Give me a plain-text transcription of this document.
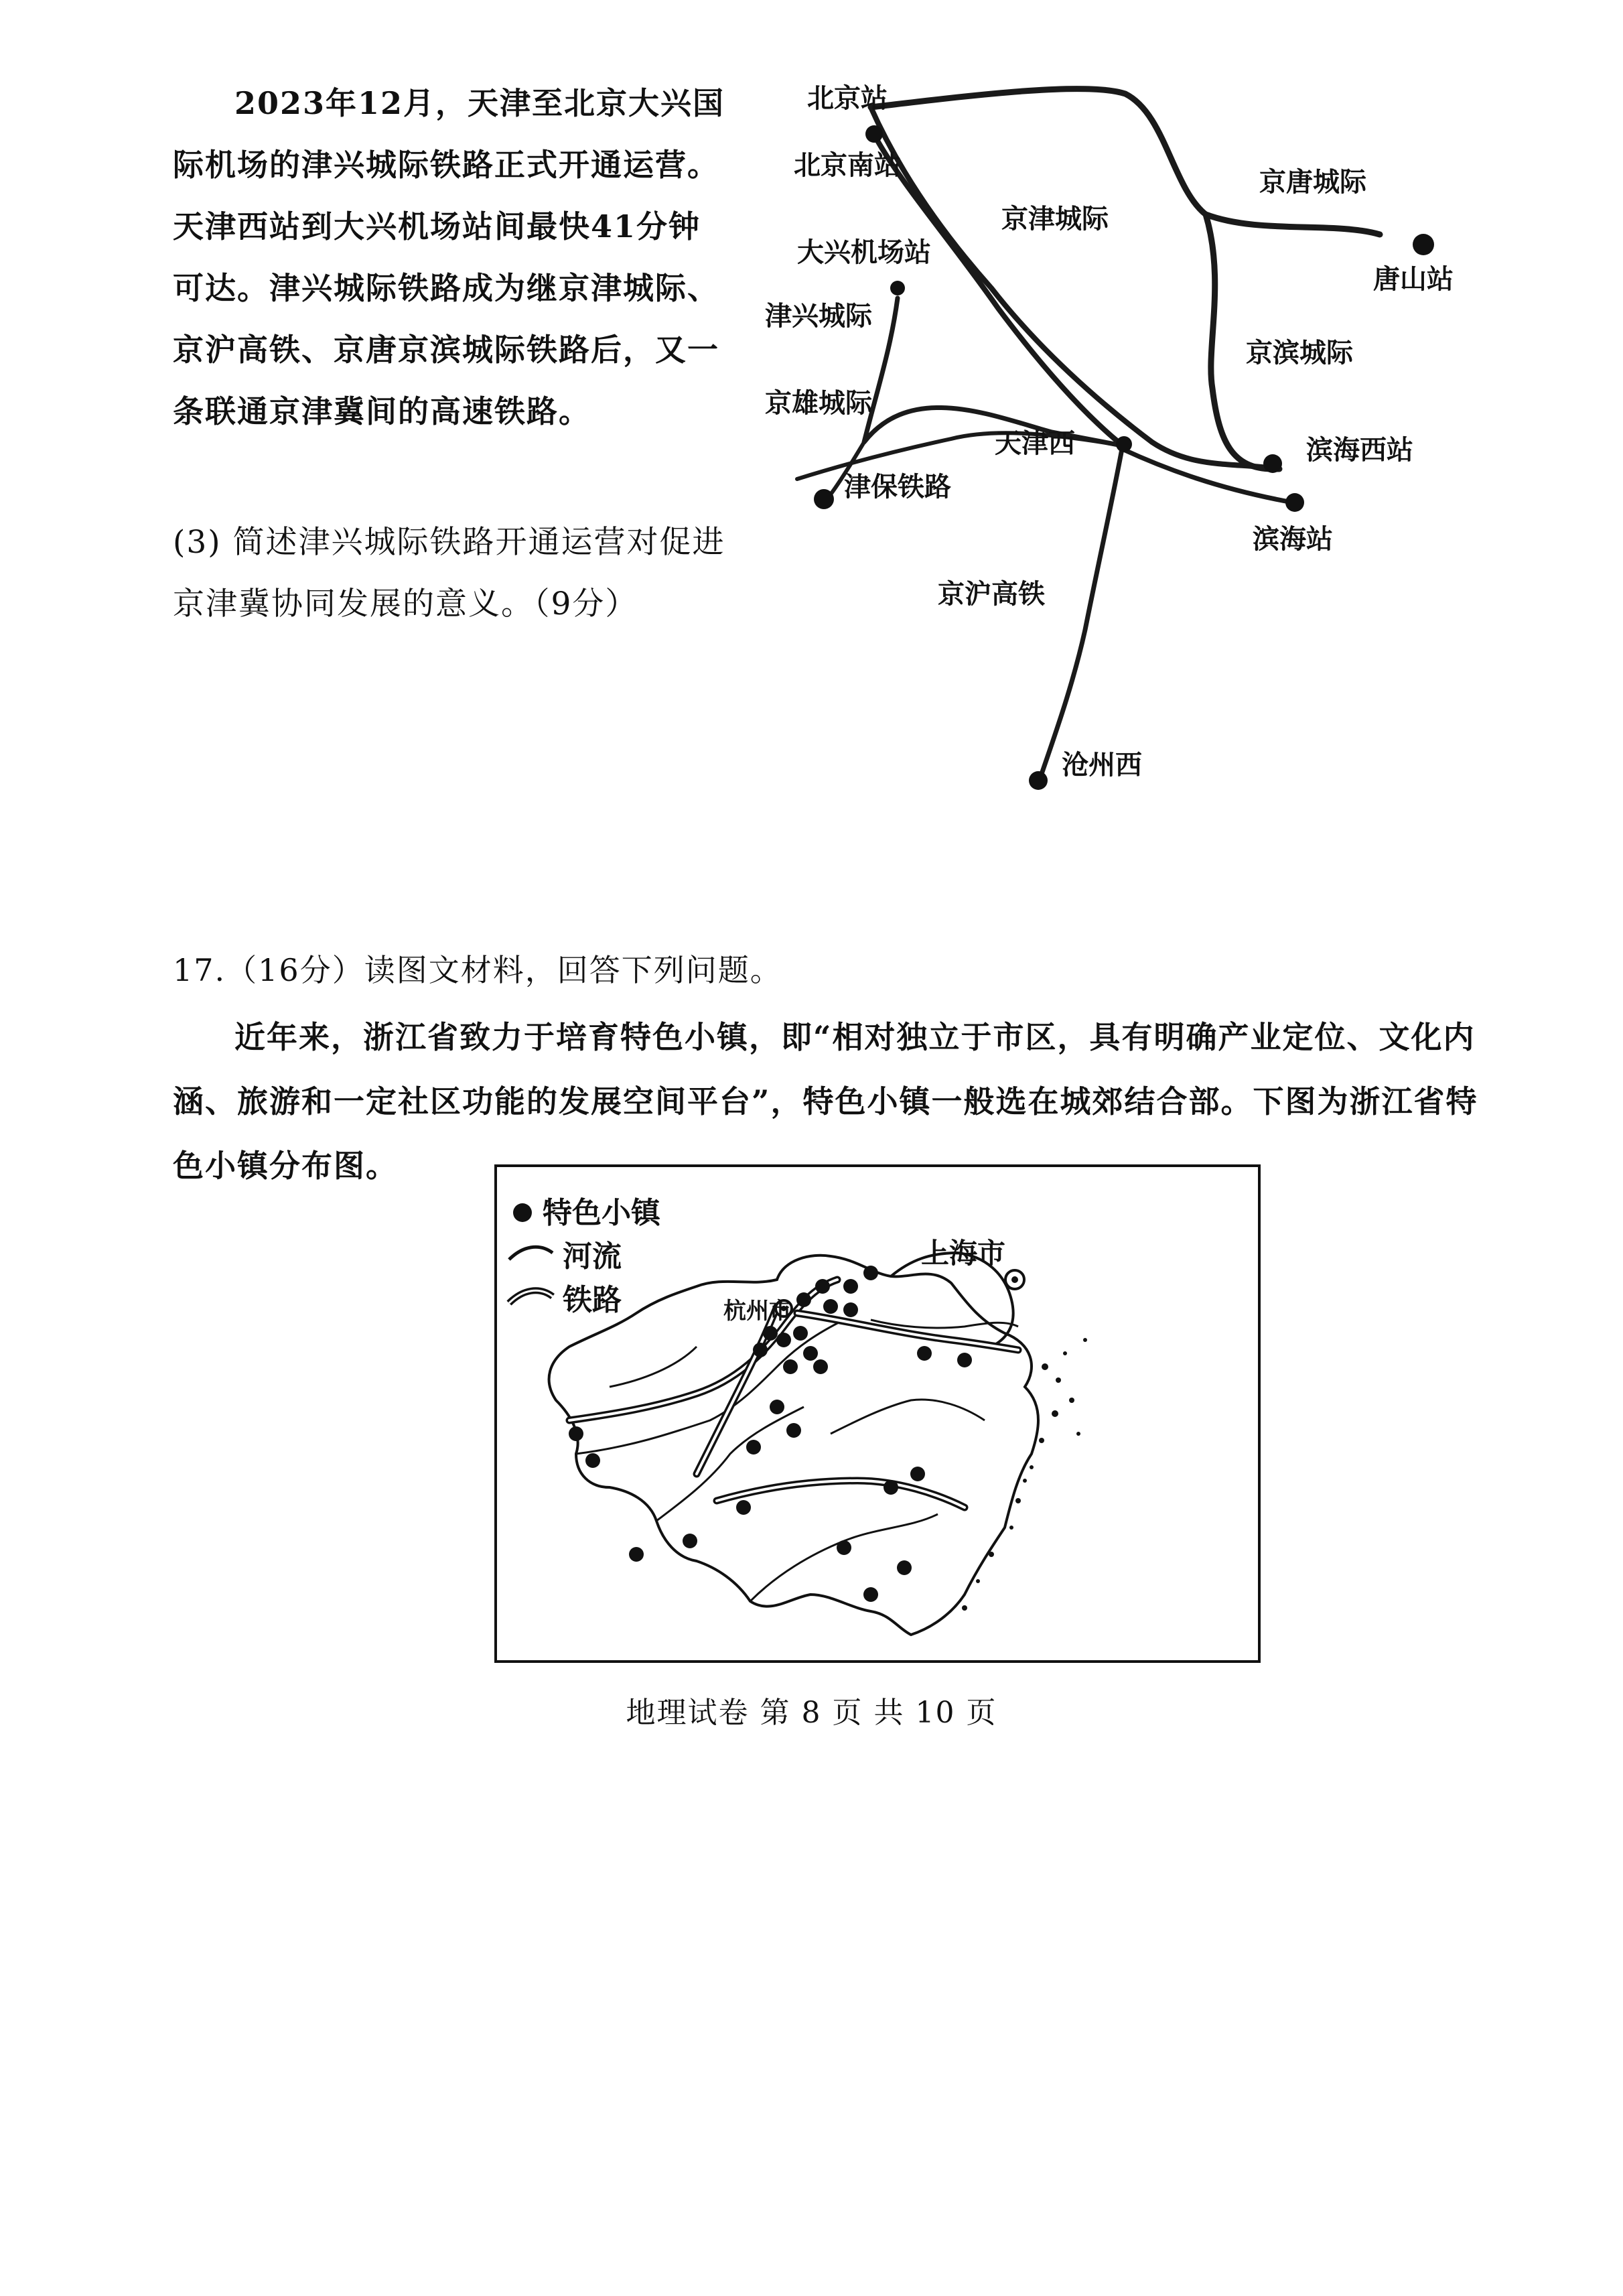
2023年12月，天津至北京大兴国际机场的津兴城际铁路正式开通运营。天津西站到大兴机场站间最快41分钟可达。津兴城际铁路成为继京津城际、京沪高铁、京唐京滨城际铁路后，又一条联通京津冀间的高速铁路。

(3) 简述津兴城际铁路开通运营对促进京津冀协同发展的意义。（9分）

北京站
北京南站
京津城际
京唐城际
唐山站
大兴机场站
津兴城际
京滨城际
京雄城际
天津西	滨海西站
津保铁路
滨海站
京沪高铁
沧州西

17.（16分）读图文材料，回答下列问题。

近年来，浙江省致力于培育特色小镇，即“相对独立于市区，具有明确产业定位、文化内涵、旅游和一定社区功能的发展空间平台”，特色小镇一般选在城郊结合部。下图为浙江省特色小镇分布图。

特色小镇
河流
铁路
上海市
杭州市
地理试卷 第 8 页 共 10 页
